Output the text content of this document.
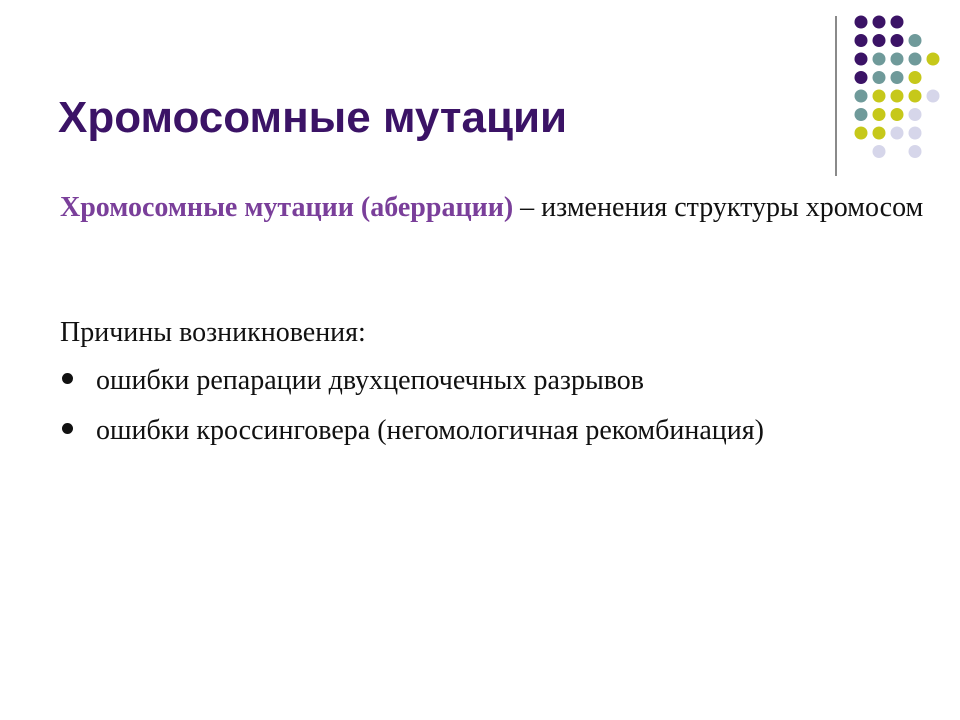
Хромосомные мутации
Хромосомные мутации (аберрации) – изменения структуры хромосом
Причины возникновения:
ошибки репарации двухцепочечных разрывов
ошибки кроссинговера (негомологичная рекомбинация)
